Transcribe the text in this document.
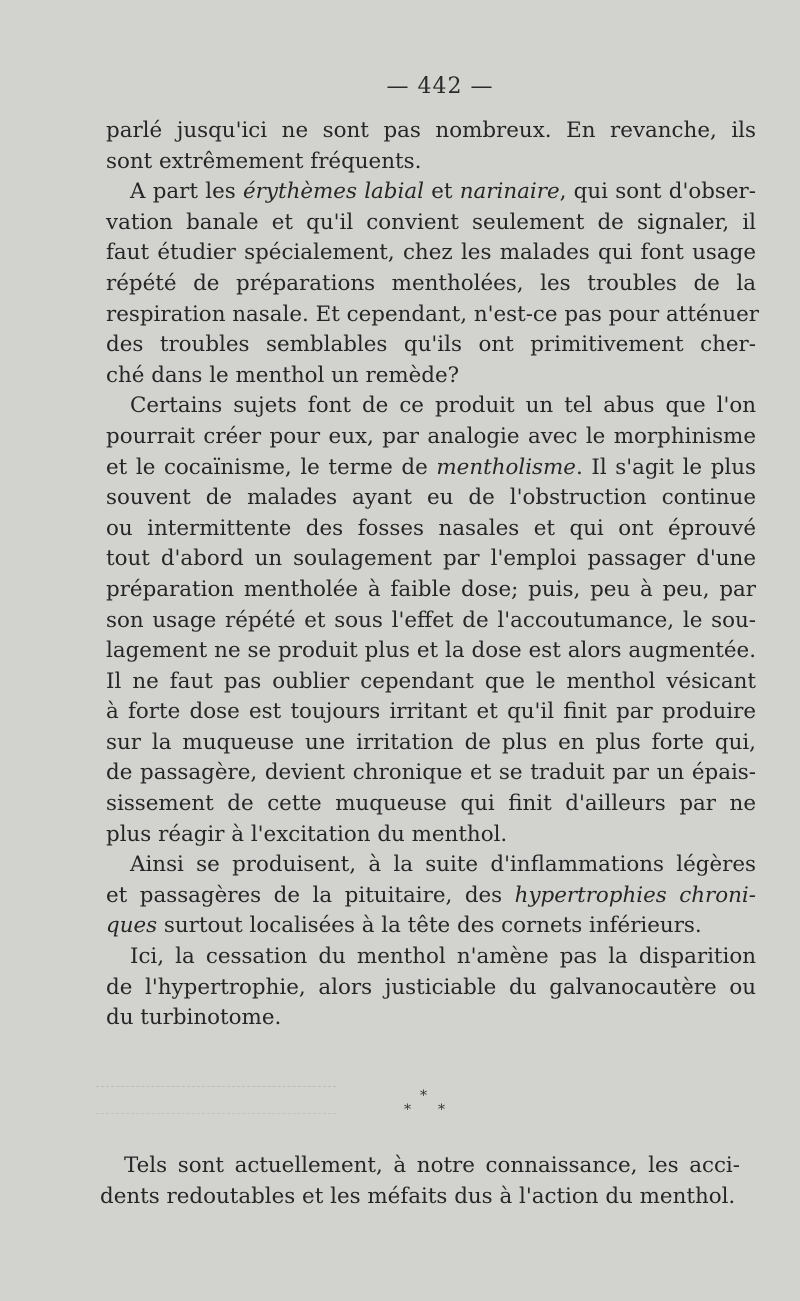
— 442 —
parlé jusqu'ici ne sont pas nombreux. En revanche, ils
sont extrêmement fréquents.
A part les érythèmes labial et narinaire, qui sont d'obser-
vation banale et qu'il convient seulement de signaler, il
faut étudier spécialement, chez les malades qui font usage
répété de préparations mentholées, les troubles de la
respiration nasale. Et cependant, n'est-ce pas pour atténuer
des troubles semblables qu'ils ont primitivement cher-
ché dans le menthol un remède?
Certains sujets font de ce produit un tel abus que l'on
pourrait créer pour eux, par analogie avec le morphinisme
et le cocaïnisme, le terme de mentholisme. Il s'agit le plus
souvent de malades ayant eu de l'obstruction continue
ou intermittente des fosses nasales et qui ont éprouvé
tout d'abord un soulagement par l'emploi passager d'une
préparation mentholée à faible dose; puis, peu à peu, par
son usage répété et sous l'effet de l'accoutumance, le sou-
lagement ne se produit plus et la dose est alors augmentée.
Il ne faut pas oublier cependant que le menthol vésicant
à forte dose est toujours irritant et qu'il finit par produire
sur la muqueuse une irritation de plus en plus forte qui,
de passagère, devient chronique et se traduit par un épais-
sissement de cette muqueuse qui finit d'ailleurs par ne
plus réagir à l'excitation du menthol.
Ainsi se produisent, à la suite d'inflammations légères
et passagères de la pituitaire, des hypertrophies chroni-
ques surtout localisées à la tête des cornets inférieurs.
Ici, la cessation du menthol n'amène pas la disparition
de l'hypertrophie, alors justiciable du galvanocautère ou
du turbinotome.
*
* *
Tels sont actuellement, à notre connaissance, les acci-
dents redoutables et les méfaits dus à l'action du menthol.
